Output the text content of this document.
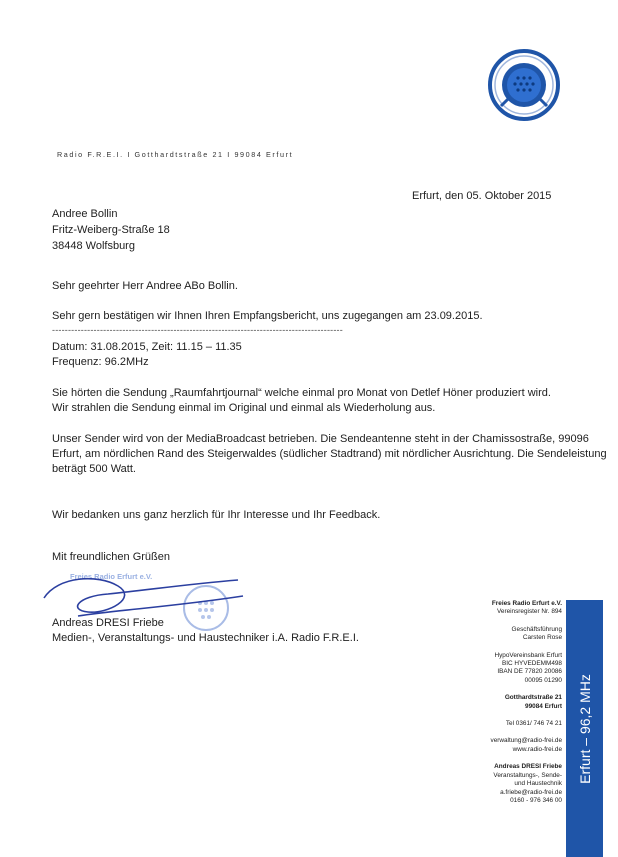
Radio F.R.E.I. I Gotthardtstraße 21 I 99084 Erfurt
Erfurt, den 05. Oktober 2015
Andree Bollin
Fritz-Weiberg-Straße 18
38448 Wolfsburg
Sehr geehrter Herr Andree ABo Bollin.
Sehr gern bestätigen wir Ihnen Ihren Empfangsbericht, uns zugegangen am 23.09.2015.
-------------------------------------------------------------------------------------------
Datum: 31.08.2015, Zeit: 11.15 – 11.35
Frequenz: 96.2MHz
Sie hörten die Sendung „Raumfahrtjournal“ welche einmal pro Monat von Detlef Höner produziert wird.
Wir strahlen die Sendung einmal im Original und einmal als Wiederholung aus.
Unser Sender wird von der MediaBroadcast betrieben. Die Sendeantenne steht in der Chamissostraße, 99096
Erfurt, am nördlichen Rand des Steigerwaldes (südlicher Stadtrand) mit nördlicher Ausrichtung. Die Sendeleistung
beträgt 500 Watt.
Wir bedanken uns ganz herzlich für Ihr Interesse und Ihr Feedback.
Mit freundlichen Grüßen
Freies Radio Erfurt e.V.
Andreas DRESI Friebe
Medien-, Veranstaltungs- und Haustechniker i.A. Radio F.R.E.I.
Freies Radio Erfurt e.V.
Vereinsregister Nr. 894
Geschäftsführung
Carsten Rose
HypoVereinsbank Erfurt
BIC HYVEDEMM498
IBAN DE 77820 20086
00095 01290
Gotthardtstraße 21
99084 Erfurt
Tel 0361/ 746 74 21
verwaltung@radio-frei.de
www.radio-frei.de
Andreas DRESI Friebe
Veranstaltungs-, Sende-
und Haustechnik
a.friebe@radio-frei.de
0160 - 976 346 00
Erfurt – 96,2 MHz
